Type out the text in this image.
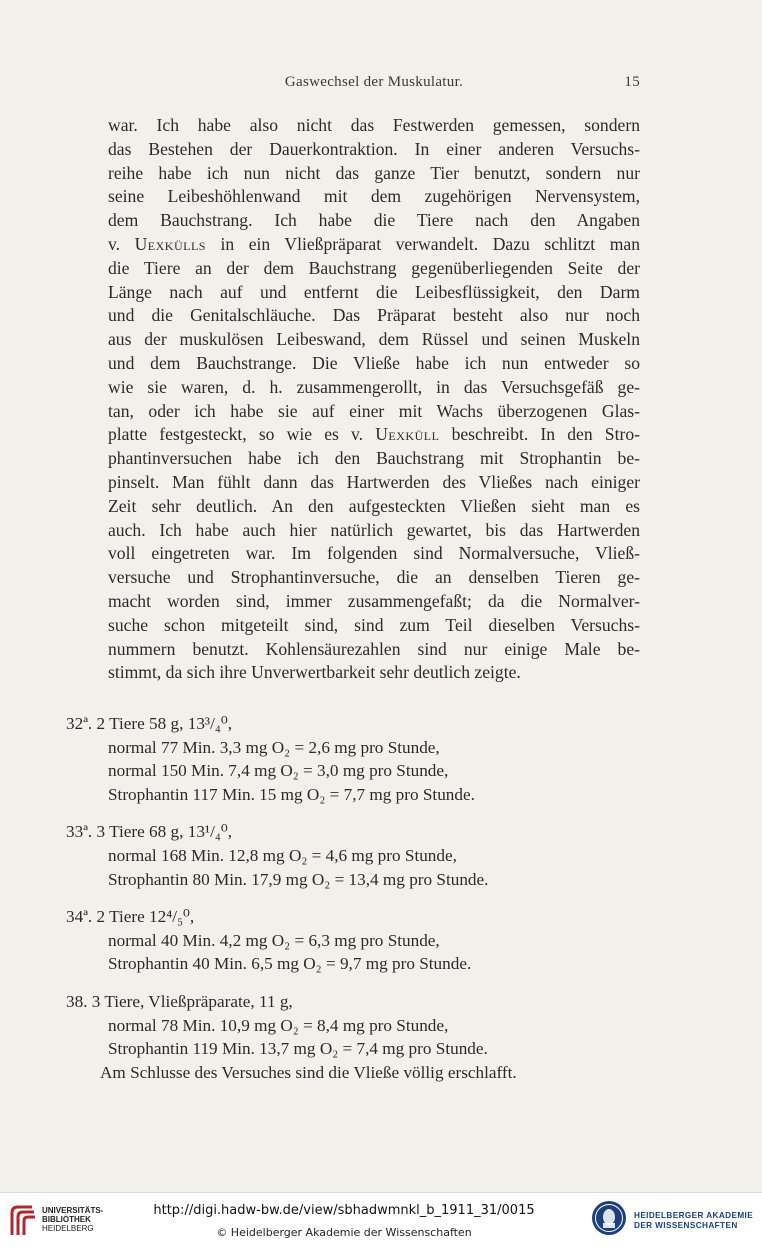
Gaswechsel der Muskulatur.	15
war. Ich habe also nicht das Festwerden gemessen, sondern
das Bestehen der Dauerkontraktion. In einer anderen Versuchs-
reihe habe ich nun nicht das ganze Tier benutzt, sondern nur
seine Leibeshöhlenwand mit dem zugehörigen Nervensystem,
dem Bauchstrang. Ich habe die Tiere nach den Angaben
v. Uexkülls in ein Vließpräparat verwandelt. Dazu schlitzt man
die Tiere an der dem Bauchstrang gegenüberliegenden Seite der
Länge nach auf und entfernt die Leibesflüssigkeit, den Darm
und die Genitalschläuche. Das Präparat besteht also nur noch
aus der muskulösen Leibeswand, dem Rüssel und seinen Muskeln
und dem Bauchstrange. Die Vließe habe ich nun entweder so
wie sie waren, d. h. zusammengerollt, in das Versuchsgefäß ge-
tan, oder ich habe sie auf einer mit Wachs überzogenen Glas-
platte festgesteckt, so wie es v. Uexküll beschreibt. In den Stro-
phantinversuchen habe ich den Bauchstrang mit Strophantin be-
pinselt. Man fühlt dann das Hartwerden des Vließes nach einiger
Zeit sehr deutlich. An den aufgesteckten Vließen sieht man es
auch. Ich habe auch hier natürlich gewartet, bis das Hartwerden
voll eingetreten war. Im folgenden sind Normalversuche, Vließ-
versuche und Strophantinversuche, die an denselben Tieren ge-
macht worden sind, immer zusammengefaßt; da die Normalver-
suche schon mitgeteilt sind, sind zum Teil dieselben Versuchs-
nummern benutzt. Kohlensäurezahlen sind nur einige Male be-
stimmt, da sich ihre Unverwertbarkeit sehr deutlich zeigte.
32ª. 2 Tiere 58 g, 13³/₄⁰,
normal 77 Min. 3,3 mg O₂ = 2,6 mg pro Stunde,
normal 150 Min. 7,4 mg O₂ = 3,0 mg pro Stunde,
Strophantin 117 Min. 15 mg O₂ = 7,7 mg pro Stunde.
33ª. 3 Tiere 68 g, 13¹/₄⁰,
normal 168 Min. 12,8 mg O₂ = 4,6 mg pro Stunde,
Strophantin 80 Min. 17,9 mg O₂ = 13,4 mg pro Stunde.
34ª. 2 Tiere 12⁴/₅⁰,
normal 40 Min. 4,2 mg O₂ = 6,3 mg pro Stunde,
Strophantin 40 Min. 6,5 mg O₂ = 9,7 mg pro Stunde.
38. 3 Tiere, Vließpräparate, 11 g,
normal 78 Min. 10,9 mg O₂ = 8,4 mg pro Stunde,
Strophantin 119 Min. 13,7 mg O₂ = 7,4 mg pro Stunde.
Am Schlusse des Versuches sind die Vließe völlig erschlafft.
UNIVERSITÄTS-
BIBLIOTHEK
HEIDELBERG
http://digi.hadw-bw.de/view/sbhadwmnkl_b_1911_31/0015
© Heidelberger Akademie der Wissenschaften
HEIDELBERGER AKADEMIE
DER WISSENSCHAFTEN
